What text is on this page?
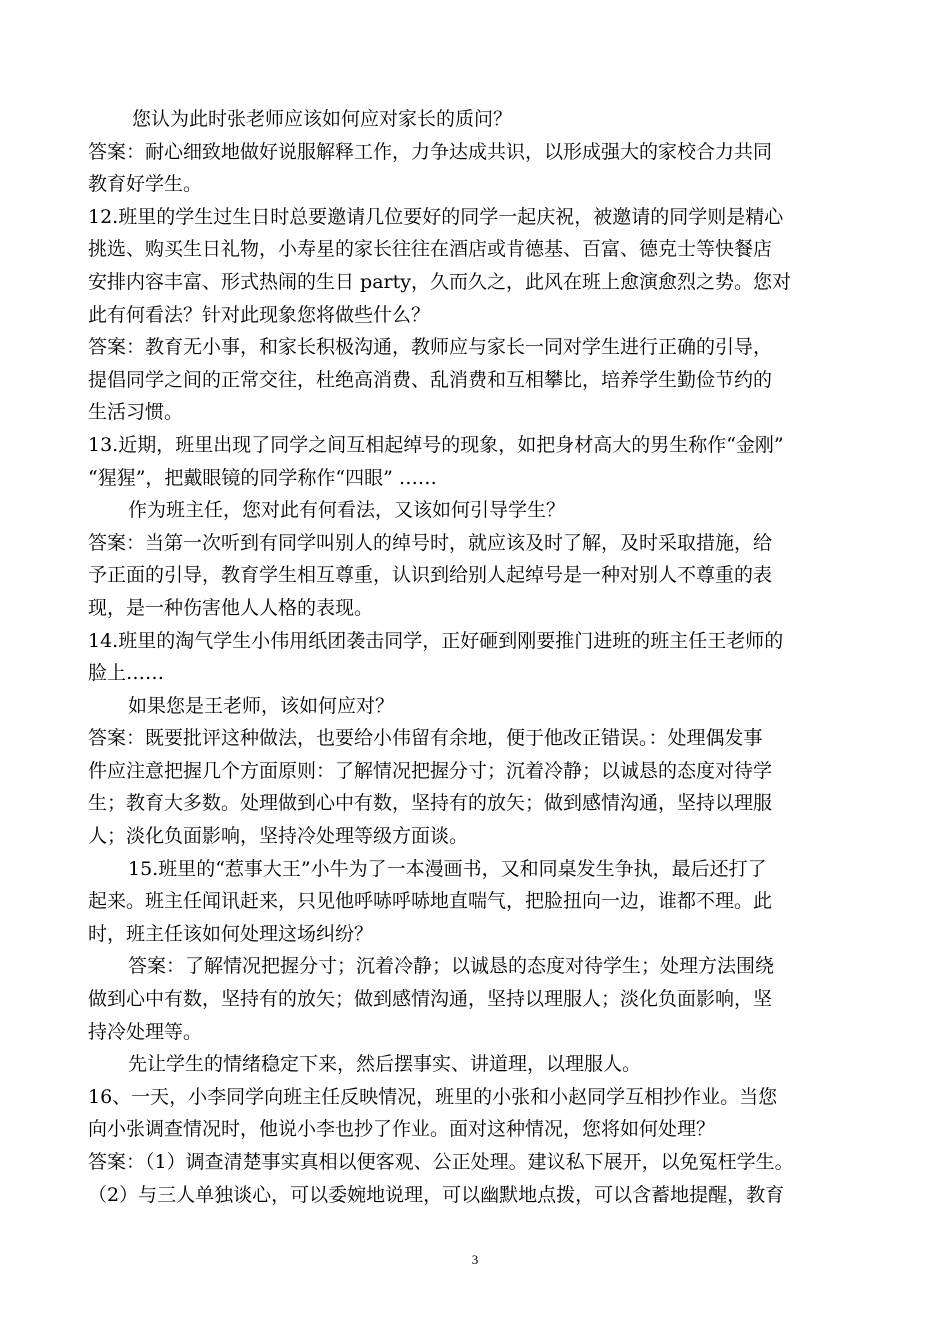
您认为此时张老师应该如何应对家长的质问？
答案：耐心细致地做好说服解释工作，力争达成共识，以形成强大的家校合力共同
教育好学生。
12.班里的学生过生日时总要邀请几位要好的同学一起庆祝，被邀请的同学则是精心
挑选、购买生日礼物，小寿星的家长往往在酒店或肯德基、百富、德克士等快餐店
安排内容丰富、形式热闹的生日 party，久而久之，此风在班上愈演愈烈之势。您对
此有何看法？针对此现象您将做些什么？
答案：教育无小事，和家长积极沟通，教师应与家长一同对学生进行正确的引导，
提倡同学之间的正常交往，杜绝高消费、乱消费和互相攀比，培养学生勤俭节约的
生活习惯。
13.近期，班里出现了同学之间互相起绰号的现象，如把身材高大的男生称作“金刚”
“猩猩”，把戴眼镜的同学称作“四眼” ……
作为班主任，您对此有何看法，又该如何引导学生？
答案：当第一次听到有同学叫别人的绰号时，就应该及时了解，及时采取措施，给
予正面的引导，教育学生相互尊重，认识到给别人起绰号是一种对别人不尊重的表
现，是一种伤害他人人格的表现。
14.班里的淘气学生小伟用纸团袭击同学，正好砸到刚要推门进班的班主任王老师的
脸上……
如果您是王老师，该如何应对？
答案：既要批评这种做法，也要给小伟留有余地，便于他改正错误。：处理偶发事
件应注意把握几个方面原则：了解情况把握分寸；沉着冷静；以诚恳的态度对待学
生；教育大多数。处理做到心中有数，坚持有的放矢；做到感情沟通，坚持以理服
人；淡化负面影响，坚持冷处理等级方面谈。
15.班里的“惹事大王”小牛为了一本漫画书，又和同桌发生争执，最后还打了
起来。班主任闻讯赶来，只见他呼哧呼哧地直喘气，把脸扭向一边，谁都不理。此
时，班主任该如何处理这场纠纷？
答案：了解情况把握分寸；沉着冷静；以诚恳的态度对待学生；处理方法围绕
做到心中有数，坚持有的放矢；做到感情沟通，坚持以理服人；淡化负面影响，坚
持冷处理等。
先让学生的情绪稳定下来，然后摆事实、讲道理，以理服人。
16、一天，小李同学向班主任反映情况，班里的小张和小赵同学互相抄作业。当您
向小张调查情况时，他说小李也抄了作业。面对这种情况，您将如何处理？
答案：（1）调查清楚事实真相以便客观、公正处理。建议私下展开，以免冤枉学生。
（2）与三人单独谈心，可以委婉地说理，可以幽默地点拨，可以含蓄地提醒，教育
3
